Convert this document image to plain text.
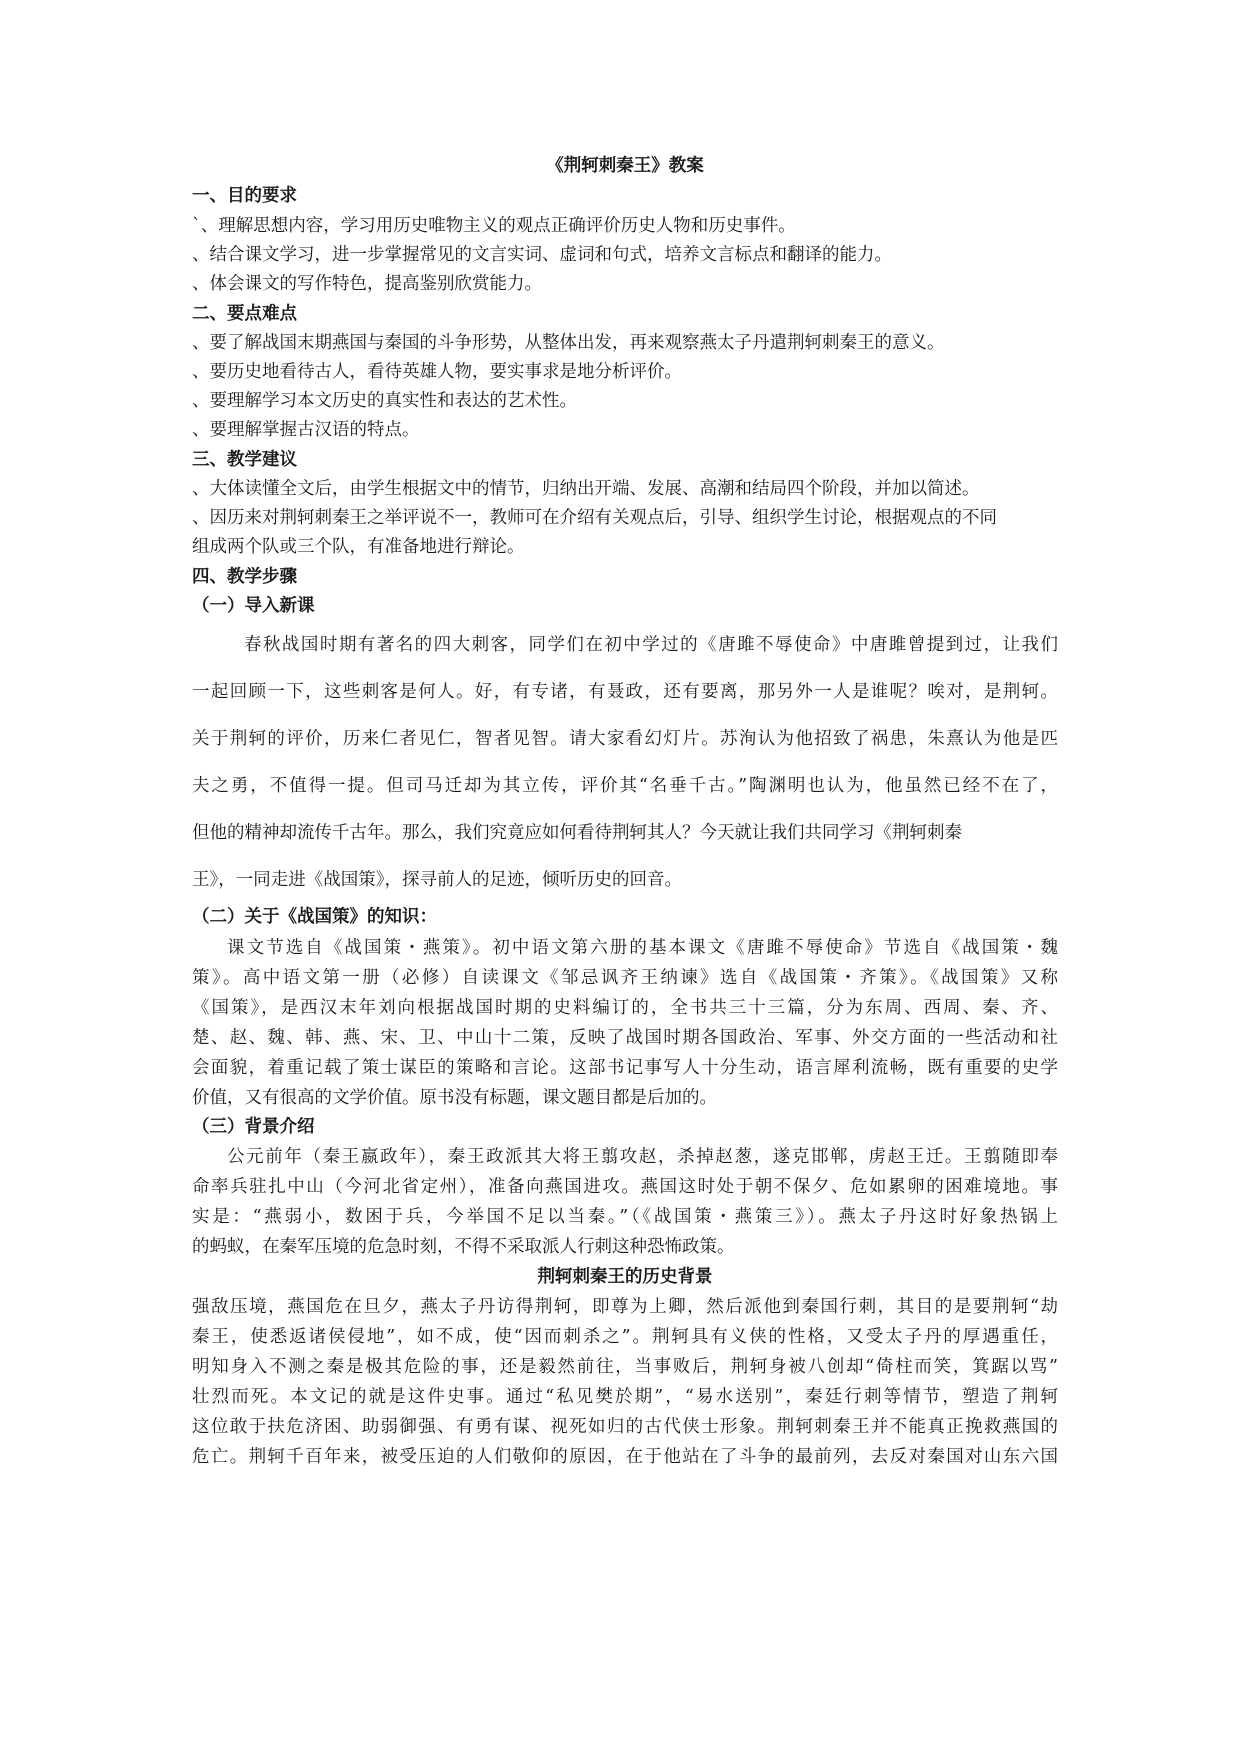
《荆轲刺秦王》教案
一、目的要求
`、理解思想内容，学习用历史唯物主义的观点正确评价历史人物和历史事件。
、结合课文学习，进一步掌握常见的文言实词、虚词和句式，培养文言标点和翻译的能力。
、体会课文的写作特色，提高鉴别欣赏能力。
二、要点难点
、要了解战国末期燕国与秦国的斗争形势，从整体出发，再来观察燕太子丹遣荆轲刺秦王的意义。
、要历史地看待古人，看待英雄人物，要实事求是地分析评价。
、要理解学习本文历史的真实性和表达的艺术性。
、要理解掌握古汉语的特点。
三、教学建议
、大体读懂全文后，由学生根据文中的情节，归纳出开端、发展、高潮和结局四个阶段，并加以简述。
、因历来对荆轲刺秦王之举评说不一，教师可在介绍有关观点后，引导、组织学生讨论，根据观点的不同
组成两个队或三个队，有准备地进行辩论。
四、教学步骤
（一）导入新课
春秋战国时期有著名的四大刺客，同学们在初中学过的《唐雎不辱使命》中唐雎曾提到过，让我们
一起回顾一下，这些刺客是何人。好，有专诸，有聂政，还有要离，那另外一人是谁呢？唉对，是荆轲。
关于荆轲的评价，历来仁者见仁，智者见智。请大家看幻灯片。苏洵认为他招致了祸患，朱熹认为他是匹
夫之勇，不值得一提。但司马迁却为其立传，评价其“名垂千古。”陶渊明也认为，他虽然已经不在了，
但他的精神却流传千古年。那么，我们究竟应如何看待荆轲其人？今天就让我们共同学习《荆轲刺秦
王》，一同走进《战国策》，探寻前人的足迹，倾听历史的回音。
（二）关于《战国策》的知识：
课文节选自《战国策・燕策》。初中语文第六册的基本课文《唐雎不辱使命》节选自《战国策・魏
策》。高中语文第一册（必修）自读课文《邹忌讽齐王纳谏》选自《战国策・齐策》。《战国策》又称
《国策》，是西汉末年刘向根据战国时期的史料编订的，全书共三十三篇，分为东周、西周、秦、齐、
楚、赵、魏、韩、燕、宋、卫、中山十二策，反映了战国时期各国政治、军事、外交方面的一些活动和社
会面貌，着重记载了策士谋臣的策略和言论。这部书记事写人十分生动，语言犀利流畅，既有重要的史学
价值，又有很高的文学价值。原书没有标题，课文题目都是后加的。
（三）背景介绍
公元前年（秦王嬴政年），秦王政派其大将王翦攻赵，杀掉赵葱，遂克邯郸，虏赵王迁。王翦随即奉
命率兵驻扎中山（今河北省定州），准备向燕国进攻。燕国这时处于朝不保夕、危如累卵的困难境地。事
实是：“燕弱小，数困于兵，今举国不足以当秦。”（《战国策・燕策三》）。燕太子丹这时好象热锅上
的蚂蚁，在秦军压境的危急时刻，不得不采取派人行刺这种恐怖政策。
荆轲刺秦王的历史背景
强敌压境，燕国危在旦夕，燕太子丹访得荆轲，即尊为上卿，然后派他到秦国行刺，其目的是要荆轲“劫
秦王，使悉返诸侯侵地”，如不成，使“因而刺杀之”。荆轲具有义侠的性格，又受太子丹的厚遇重任，
明知身入不测之秦是极其危险的事，还是毅然前往，当事败后，荆轲身被八创却“倚柱而笑，箕踞以骂”
壮烈而死。本文记的就是这件史事。通过“私见樊於期”，“易水送别”，秦廷行刺等情节，塑造了荆轲
这位敢于扶危济困、助弱御强、有勇有谋、视死如归的古代侠士形象。荆轲刺秦王并不能真正挽救燕国的
危亡。荆轲千百年来，被受压迫的人们敬仰的原因，在于他站在了斗争的最前列，去反对秦国对山东六国
